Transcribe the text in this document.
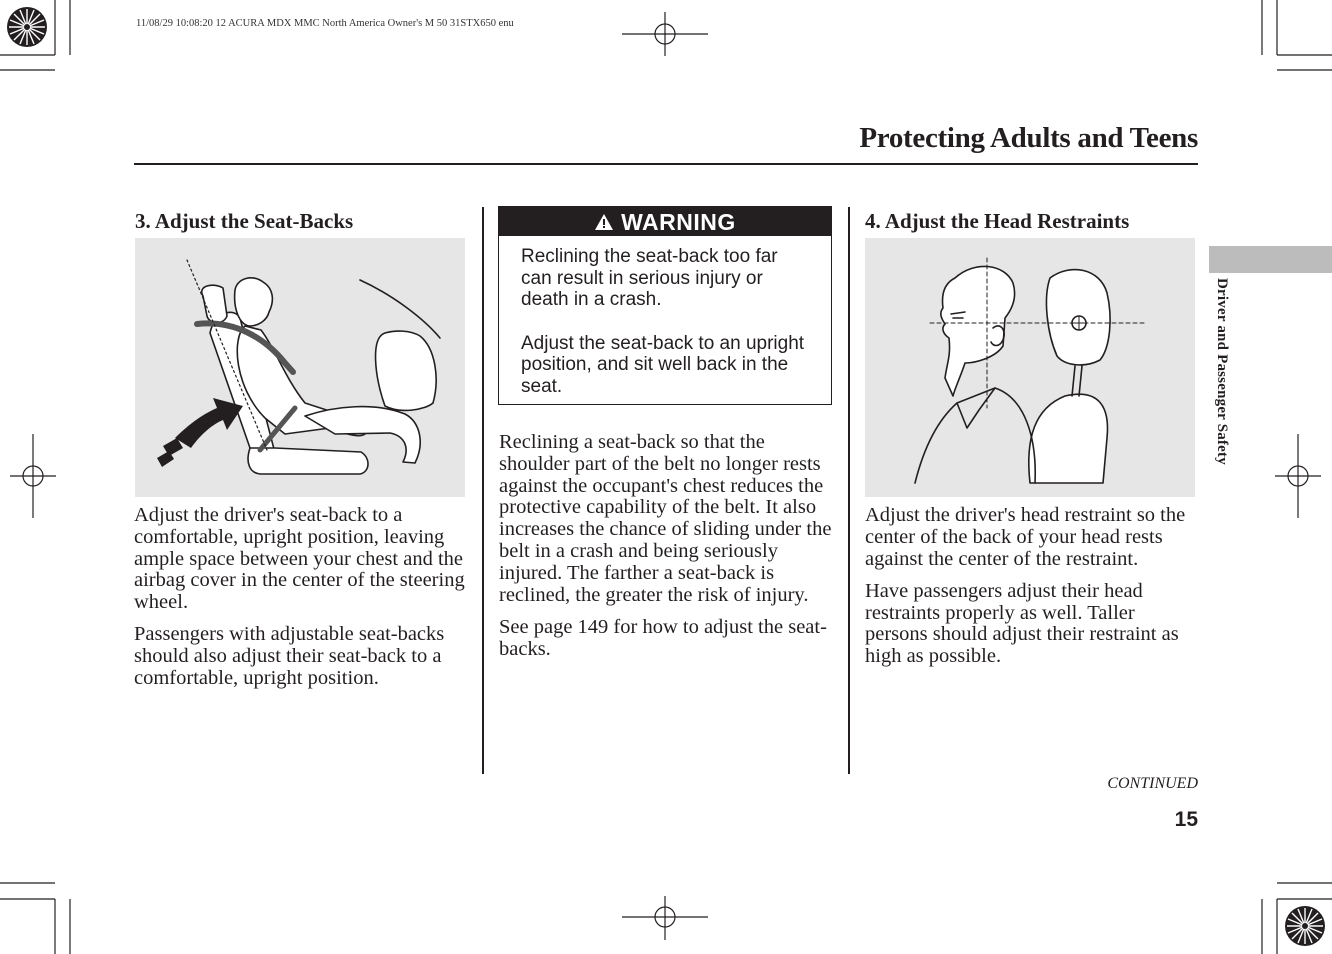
11/08/29 10:08:20 12 ACURA MDX MMC North America Owner's M 50 31STX650 enu
Protecting Adults and Teens
3. Adjust the Seat-Backs

Adjust the driver's seat-back to a comfortable, upright position, leaving ample space between your chest and the airbag cover in the center of the steering wheel.

Passengers with adjustable seat-backs should also adjust their seat-back to a comfortable, upright position.

WARNING

Reclining the seat-back too far can result in serious injury or death in a crash.

Adjust the seat-back to an upright position, and sit well back in the seat.

Reclining a seat-back so that the shoulder part of the belt no longer rests against the occupant's chest reduces the protective capability of the belt. It also increases the chance of sliding under the belt in a crash and being seriously injured. The farther a seat-back is reclined, the greater the risk of injury.

See page 149 for how to adjust the seat-backs.

4. Adjust the Head Restraints

Adjust the driver's head restraint so the center of the back of your head rests against the center of the restraint.

Have passengers adjust their head restraints properly as well. Taller persons should adjust their restraint as high as possible.

Driver and Passenger Safety
CONTINUED
15
